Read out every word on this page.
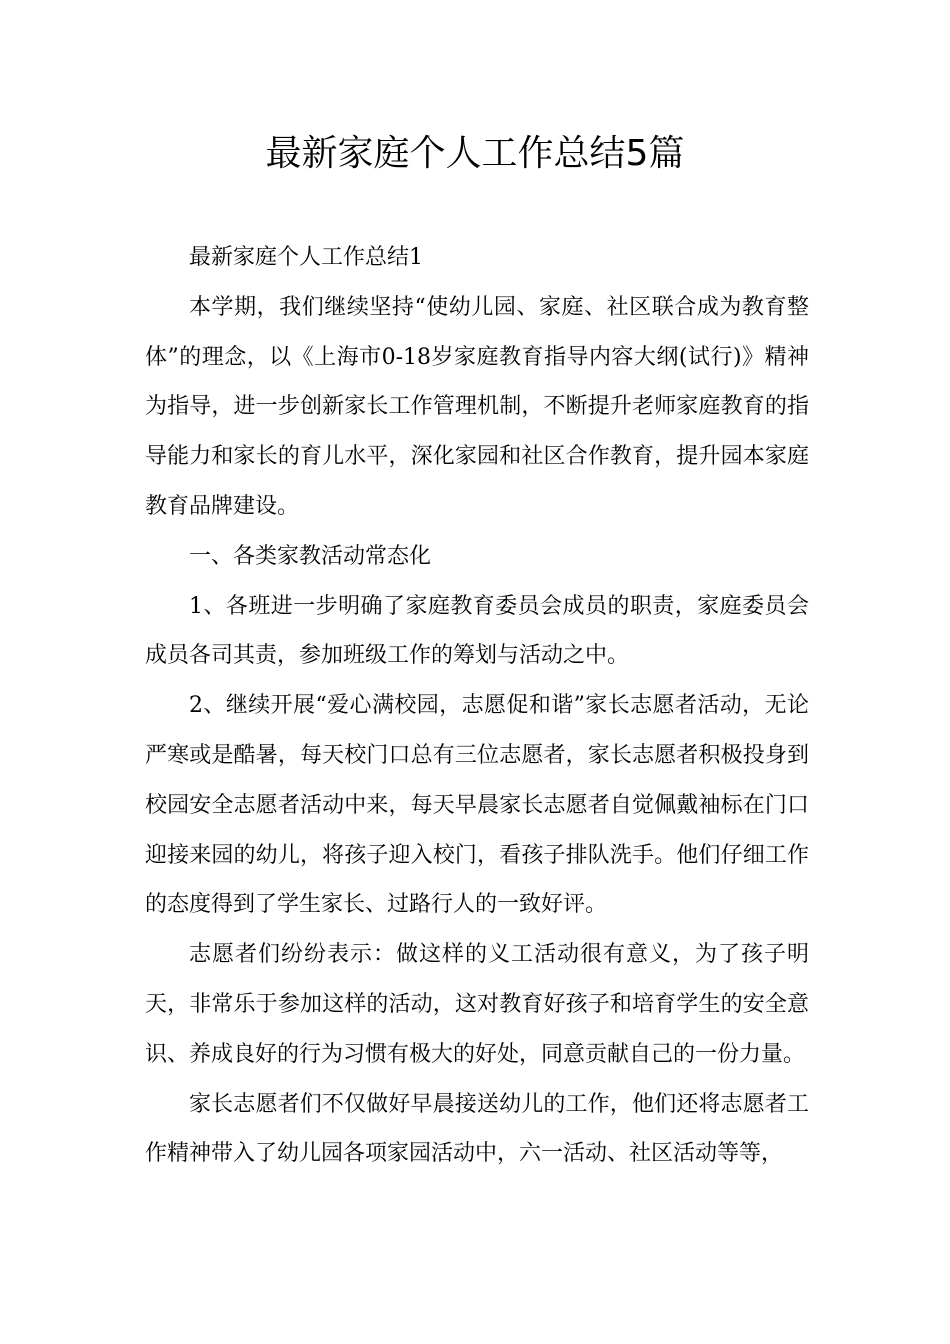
最新家庭个人工作总结5篇

最新家庭个人工作总结1

本学期，我们继续坚持“使幼儿园、家庭、社区联合成为教育整体”的理念，以《上海市0-18岁家庭教育指导内容大纲(试行)》精神为指导，进一步创新家长工作管理机制，不断提升老师家庭教育的指导能力和家长的育儿水平，深化家园和社区合作教育，提升园本家庭教育品牌建设。

一、各类家教活动常态化

1、各班进一步明确了家庭教育委员会成员的职责，家庭委员会成员各司其责，参加班级工作的筹划与活动之中。

2、继续开展“爱心满校园，志愿促和谐”家长志愿者活动，无论严寒或是酷暑，每天校门口总有三位志愿者，家长志愿者积极投身到校园安全志愿者活动中来，每天早晨家长志愿者自觉佩戴袖标在门口迎接来园的幼儿，将孩子迎入校门，看孩子排队洗手。他们仔细工作的态度得到了学生家长、过路行人的一致好评。

志愿者们纷纷表示：做这样的义工活动很有意义，为了孩子明天，非常乐于参加这样的活动，这对教育好孩子和培育学生的安全意识、养成良好的行为习惯有极大的好处，同意贡献自己的一份力量。

家长志愿者们不仅做好早晨接送幼儿的工作，他们还将志愿者工作精神带入了幼儿园各项家园活动中，六一活动、社区活动等等，
